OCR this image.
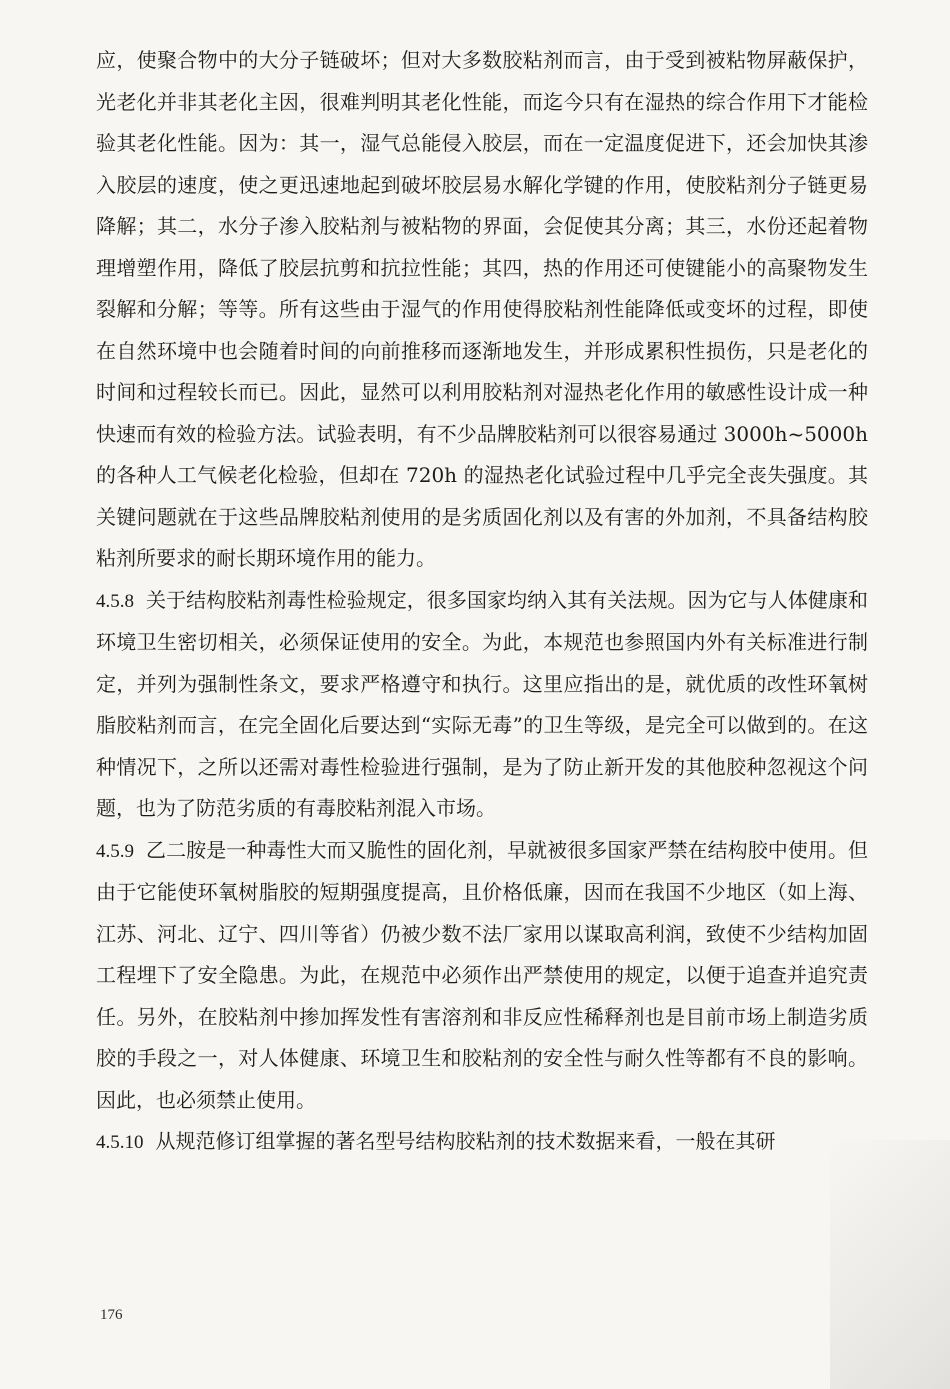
应，使聚合物中的大分子链破坏；但对大多数胶粘剂而言，由于受到被粘物屏蔽保护，光老化并非其老化主因，很难判明其老化性能，而迄今只有在湿热的综合作用下才能检验其老化性能。因为：其一，湿气总能侵入胶层，而在一定温度促进下，还会加快其渗入胶层的速度，使之更迅速地起到破坏胶层易水解化学键的作用，使胶粘剂分子链更易降解；其二，水分子渗入胶粘剂与被粘物的界面，会促使其分离；其三，水份还起着物理增塑作用，降低了胶层抗剪和抗拉性能；其四，热的作用还可使键能小的高聚物发生裂解和分解；等等。所有这些由于湿气的作用使得胶粘剂性能降低或变坏的过程，即使在自然环境中也会随着时间的向前推移而逐渐地发生，并形成累积性损伤，只是老化的时间和过程较长而已。因此，显然可以利用胶粘剂对湿热老化作用的敏感性设计成一种快速而有效的检验方法。试验表明，有不少品牌胶粘剂可以很容易通过 3000h~5000h 的各种人工气候老化检验，但却在 720h 的湿热老化试验过程中几乎完全丧失强度。其关键问题就在于这些品牌胶粘剂使用的是劣质固化剂以及有害的外加剂，不具备结构胶粘剂所要求的耐长期环境作用的能力。

4.5.8 关于结构胶粘剂毒性检验规定，很多国家均纳入其有关法规。因为它与人体健康和环境卫生密切相关，必须保证使用的安全。为此，本规范也参照国内外有关标准进行制定，并列为强制性条文，要求严格遵守和执行。这里应指出的是，就优质的改性环氧树脂胶粘剂而言，在完全固化后要达到“实际无毒”的卫生等级，是完全可以做到的。在这种情况下，之所以还需对毒性检验进行强制，是为了防止新开发的其他胶种忽视这个问题，也为了防范劣质的有毒胶粘剂混入市场。

4.5.9 乙二胺是一种毒性大而又脆性的固化剂，早就被很多国家严禁在结构胶中使用。但由于它能使环氧树脂胶的短期强度提高，且价格低廉，因而在我国不少地区（如上海、江苏、河北、辽宁、四川等省）仍被少数不法厂家用以谋取高利润，致使不少结构加固工程埋下了安全隐患。为此，在规范中必须作出严禁使用的规定，以便于追查并追究责任。另外，在胶粘剂中掺加挥发性有害溶剂和非反应性稀释剂也是目前市场上制造劣质胶的手段之一，对人体健康、环境卫生和胶粘剂的安全性与耐久性等都有不良的影响。因此，也必须禁止使用。

4.5.10 从规范修订组掌握的著名型号结构胶粘剂的技术数据来看，一般在其研

176
